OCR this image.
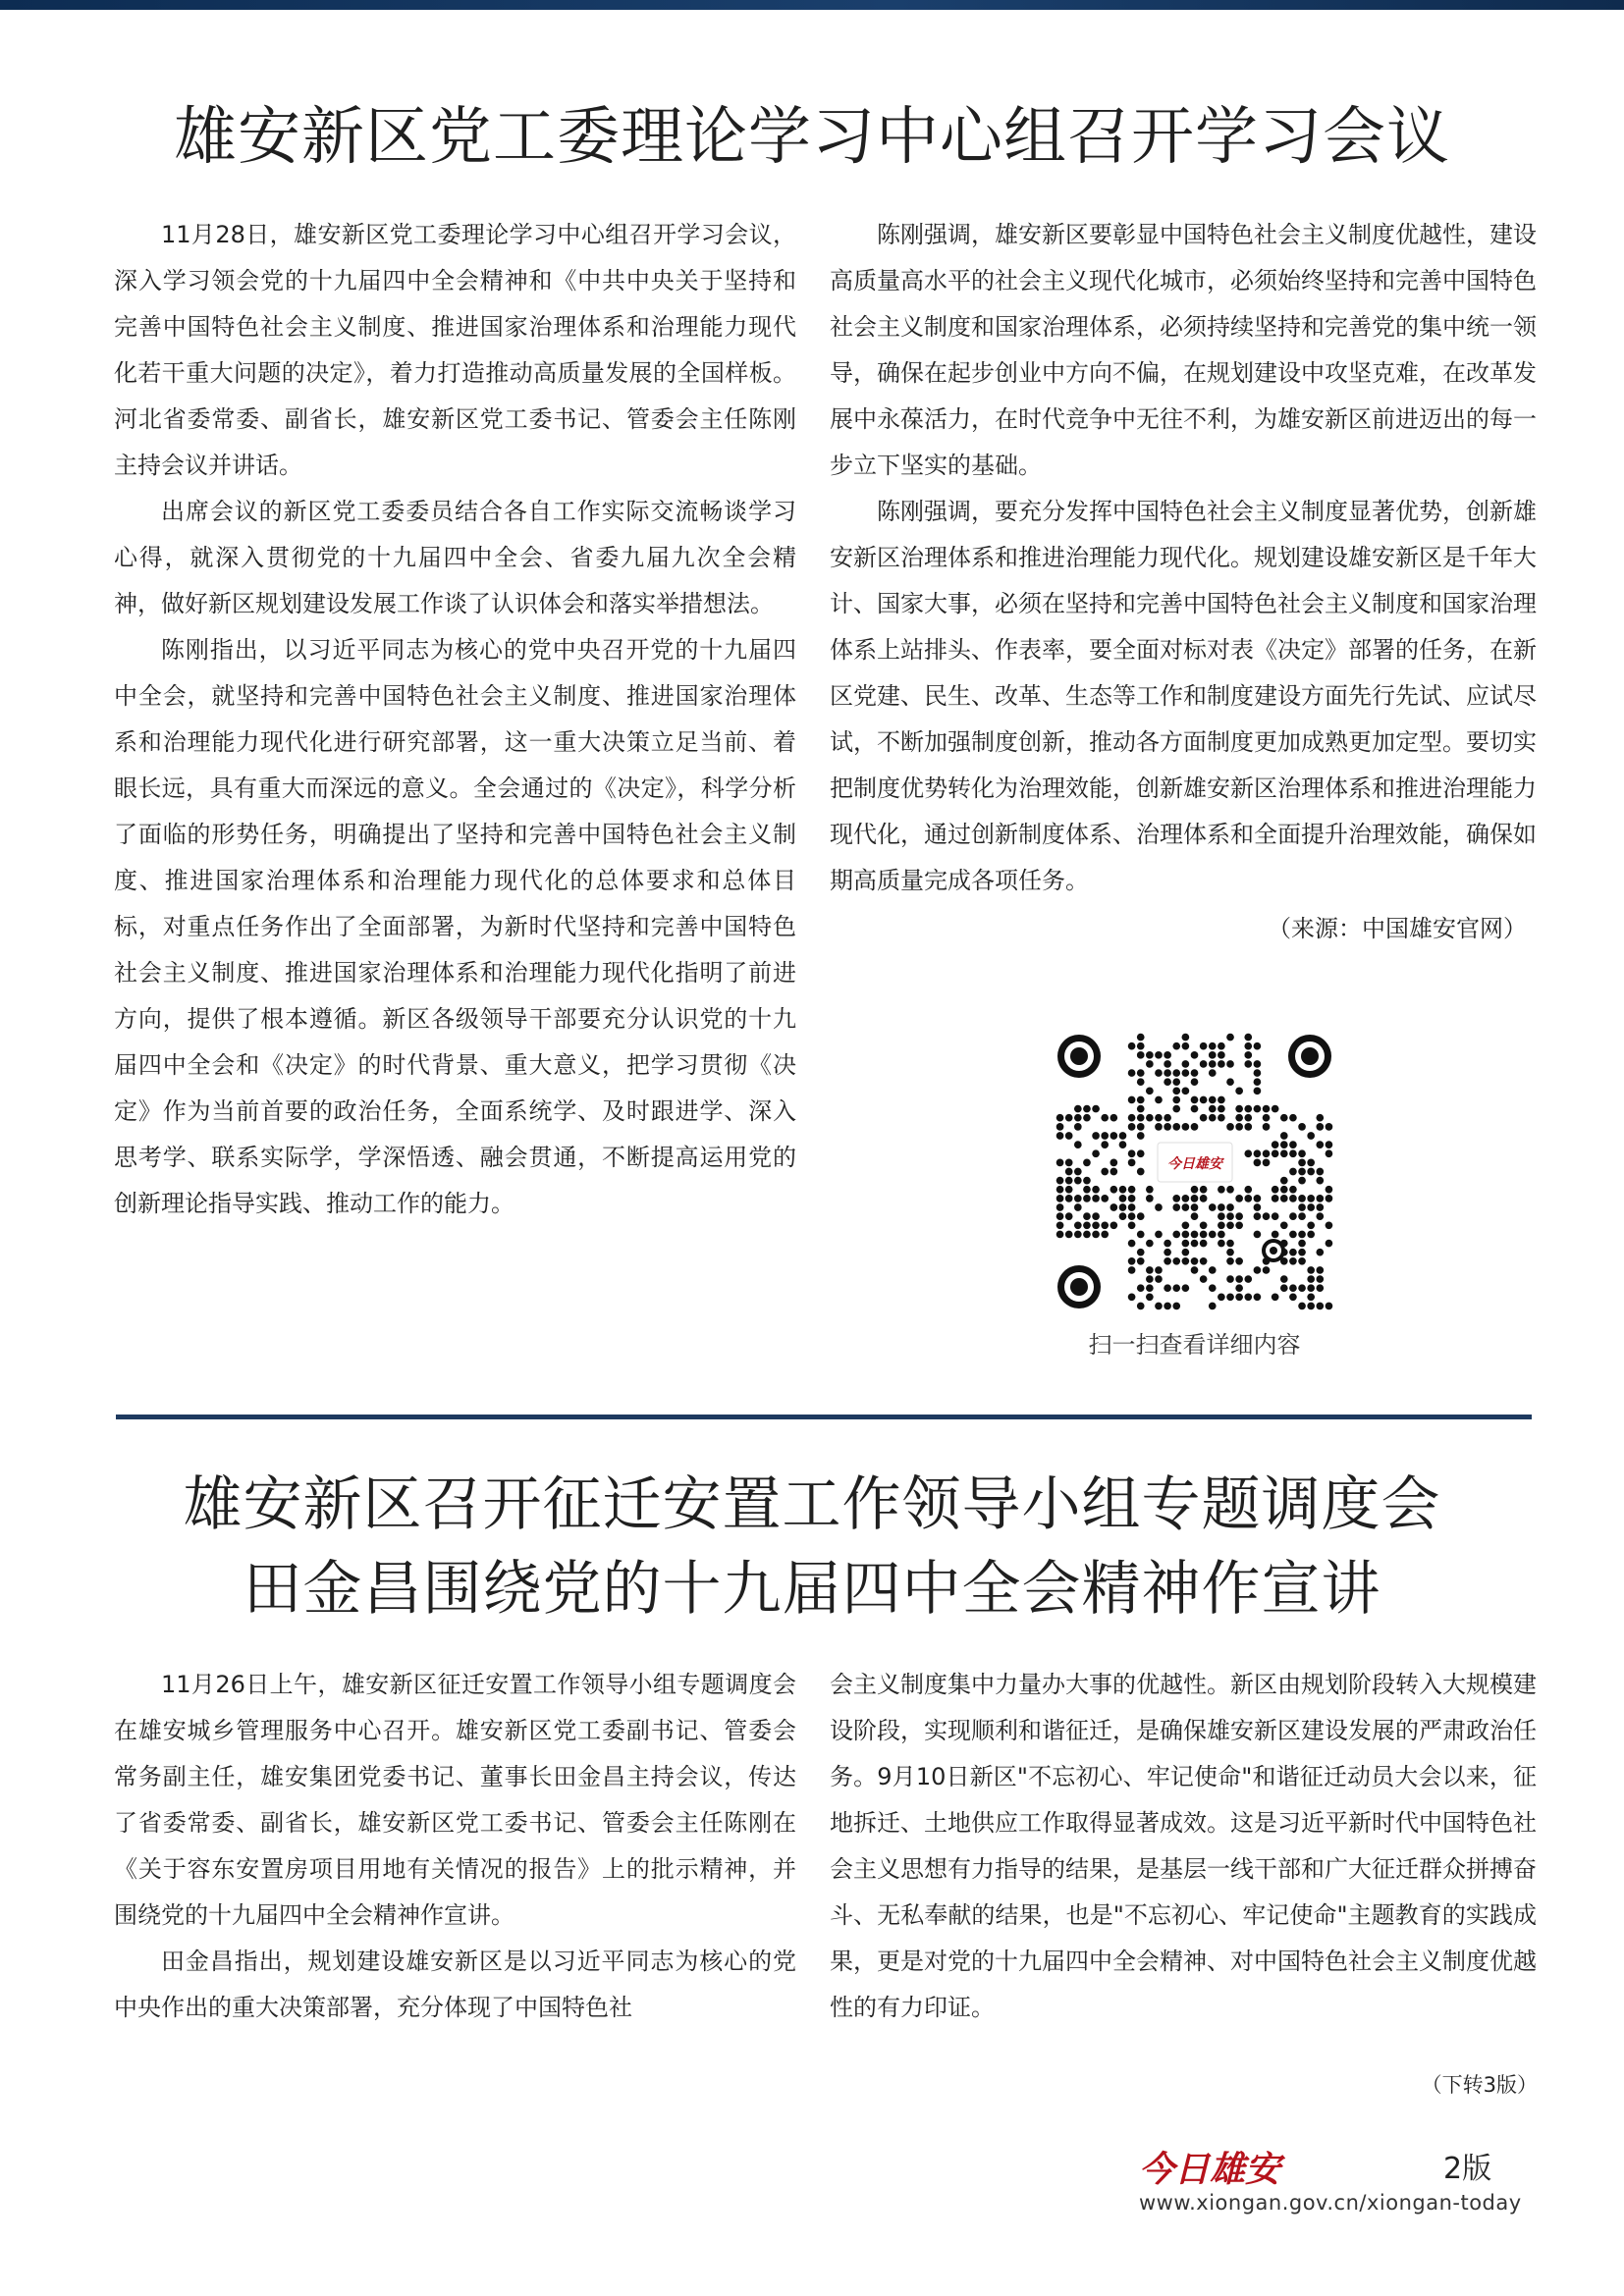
雄安新区党工委理论学习中心组召开学习会议

11月28日，雄安新区党工委理论学习中心组召开学习会议，深入学习领会党的十九届四中全会精神和《中共中央关于坚持和完善中国特色社会主义制度、推进国家治理体系和治理能力现代化若干重大问题的决定》，着力打造推动高质量发展的全国样板。河北省委常委、副省长，雄安新区党工委书记、管委会主任陈刚主持会议并讲话。

出席会议的新区党工委委员结合各自工作实际交流畅谈学习心得，就深入贯彻党的十九届四中全会、省委九届九次全会精神，做好新区规划建设发展工作谈了认识体会和落实举措想法。

陈刚指出，以习近平同志为核心的党中央召开党的十九届四中全会，就坚持和完善中国特色社会主义制度、推进国家治理体系和治理能力现代化进行研究部署，这一重大决策立足当前、着眼长远，具有重大而深远的意义。全会通过的《决定》，科学分析了面临的形势任务，明确提出了坚持和完善中国特色社会主义制度、推进国家治理体系和治理能力现代化的总体要求和总体目标，对重点任务作出了全面部署，为新时代坚持和完善中国特色社会主义制度、推进国家治理体系和治理能力现代化指明了前进方向，提供了根本遵循。新区各级领导干部要充分认识党的十九届四中全会和《决定》的时代背景、重大意义，把学习贯彻《决定》作为当前首要的政治任务，全面系统学、及时跟进学、深入思考学、联系实际学，学深悟透、融会贯通，不断提高运用党的创新理论指导实践、推动工作的能力。

陈刚强调，雄安新区要彰显中国特色社会主义制度优越性，建设高质量高水平的社会主义现代化城市，必须始终坚持和完善中国特色社会主义制度和国家治理体系，必须持续坚持和完善党的集中统一领导，确保在起步创业中方向不偏，在规划建设中攻坚克难，在改革发展中永葆活力，在时代竞争中无往不利，为雄安新区前进迈出的每一步立下坚实的基础。

陈刚强调，要充分发挥中国特色社会主义制度显著优势，创新雄安新区治理体系和推进治理能力现代化。规划建设雄安新区是千年大计、国家大事，必须在坚持和完善中国特色社会主义制度和国家治理体系上站排头、作表率，要全面对标对表《决定》部署的任务，在新区党建、民生、改革、生态等工作和制度建设方面先行先试、应试尽试，不断加强制度创新，推动各方面制度更加成熟更加定型。要切实把制度优势转化为治理效能，创新雄安新区治理体系和推进治理能力现代化，通过创新制度体系、治理体系和全面提升治理效能，确保如期高质量完成各项任务。

（来源：中国雄安官网）
今日雄安
扫一扫查看详细内容
雄安新区召开征迁安置工作领导小组专题调度会
田金昌围绕党的十九届四中全会精神作宣讲

11月26日上午，雄安新区征迁安置工作领导小组专题调度会在雄安城乡管理服务中心召开。雄安新区党工委副书记、管委会常务副主任，雄安集团党委书记、董事长田金昌主持会议，传达了省委常委、副省长，雄安新区党工委书记、管委会主任陈刚在《关于容东安置房项目用地有关情况的报告》上的批示精神，并围绕党的十九届四中全会精神作宣讲。

田金昌指出，规划建设雄安新区是以习近平同志为核心的党中央作出的重大决策部署，充分体现了中国特色社

会主义制度集中力量办大事的优越性。新区由规划阶段转入大规模建设阶段，实现顺利和谐征迁，是确保雄安新区建设发展的严肃政治任务。9月10日新区"不忘初心、牢记使命"和谐征迁动员大会以来，征地拆迁、土地供应工作取得显著成效。这是习近平新时代中国特色社会主义思想有力指导的结果，是基层一线干部和广大征迁群众拼搏奋斗、无私奉献的结果，也是"不忘初心、牢记使命"主题教育的实践成果，更是对党的十九届四中全会精神、对中国特色社会主义制度优越性的有力印证。

（下转3版）
今日雄安	2版
www.xiongan.gov.cn/xiongan-today
